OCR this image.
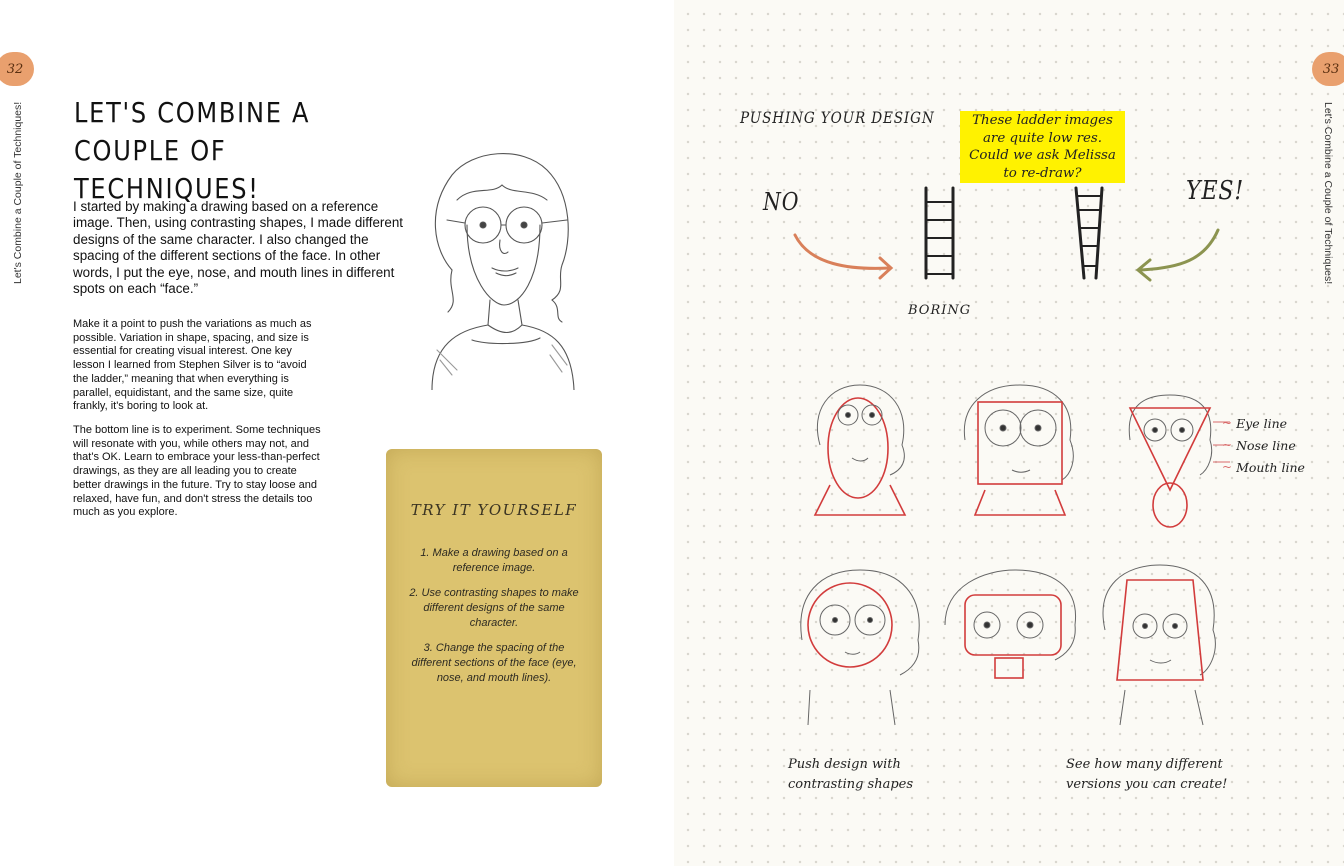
32
Let's Combine a Couple of Techniques! LET'S COMBINE A COUPLE OF TECHNIQUES!

I started by making a drawing based on a reference image. Then, using contrasting shapes, I made different designs of the same character. I also changed the spacing of the different sections of the face. In other words, I put the eye, nose, and mouth lines in different spots on each “face.”

Make it a point to push the variations as much as possible. Variation in shape, spacing, and size is essential for creating visual interest. One key lesson I learned from Stephen Silver is to “avoid the ladder,” meaning that when everything is parallel, equidistant, and the same size, quite frankly, it's boring to look at.

The bottom line is to experiment. Some techniques will resonate with you, while others may not, and that's OK. Learn to embrace your less-than-perfect drawings, as they are all leading you to create better drawings in the future. Try to stay loose and relaxed, have fun, and don't stress the details too much as you explore.	TRY IT YOURSELF

1. Make a drawing based on a reference image.

2. Use contrasting shapes to make different designs of the same character.

3. Change the spacing of the different sections of the face (eye, nose, and mouth lines).

33
Let's Combine a Couple of Techniques!
PUSHING YOUR DESIGN	These ladder images are quite low res. Could we ask Melissa to re-draw?
NO	YES!
BORING
~ Eye line
~ Nose line
~ Mouth line
Push design with contrasting shapes
See how many different versions you can create!
